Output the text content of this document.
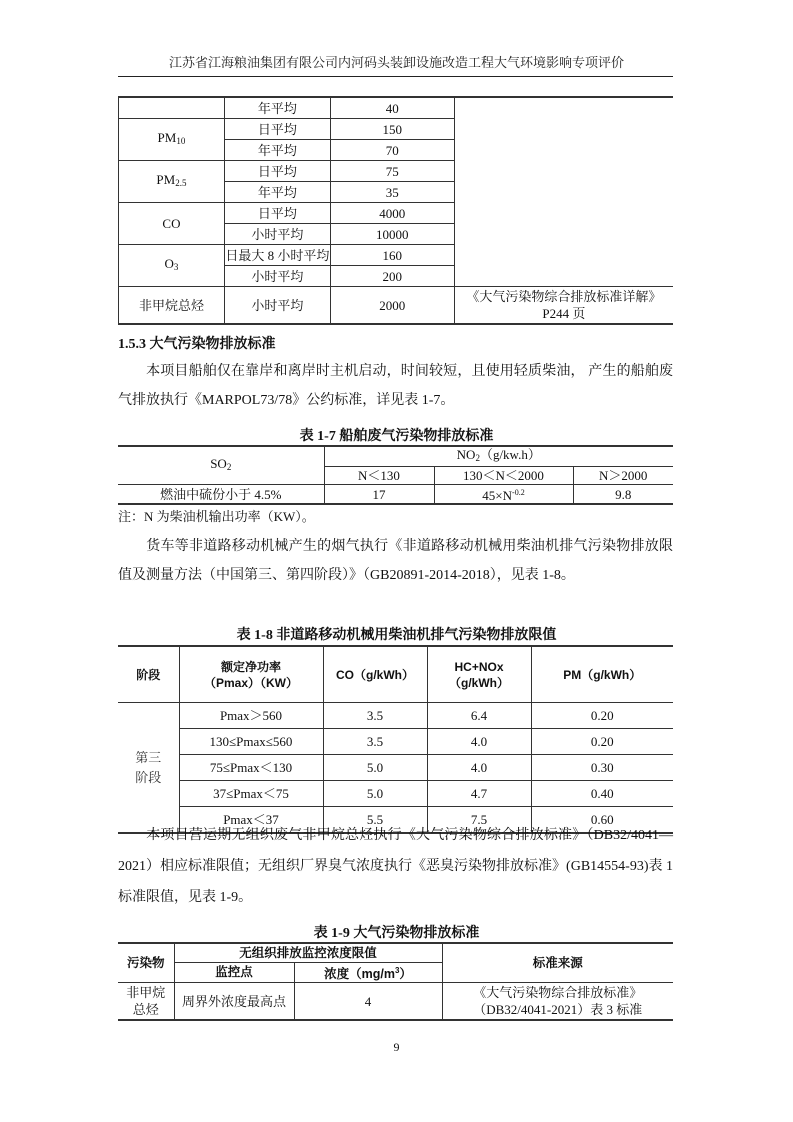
江苏省江海粮油集团有限公司内河码头装卸设施改造工程大气环境影响专项评价
	年平均	40	
$PM_{10}$	日平均	150	
	年平均	70	
$PM_{2.5}$	日平均	75	
	年平均	35	
CO	日平均	4000	
	小时平均	10000	
$O_3$	日最大 8 小时平均	160	
	小时平均	200	
非甲烷总烃	小时平均	2000	《大气污染物综合排放标准详解》P244 页
1.5.3 大气污染物排放标准
本项目船舶仅在靠岸和离岸时主机启动，时间较短，且使用轻质柴油， 产生的船舶废气排放执行《MARPOL73/78》公约标准，详见表 1-7。
表 1-7 船舶废气污染物排放标准
$SO_2$	$NO_2(g/kw.h)$		
	N＜130	130＜N＜2000	N＞2000
燃油中硫份小于 4.5%	17	$45\times N^{-0.2}$	9.8
注：N 为柴油机输出功率（KW）。
货车等非道路移动机械产生的烟气执行《非道路移动机械用柴油机排气污染物排放限值及测量方法（中国第三、第四阶段）》（GB20891-2014-2018），见表 1-8。
表 1-8 非道路移动机械用柴油机排气污染物排放限值
阶段	额定净功率（Pmax）（KW）	CO（g/kWh）	HC+NOx（g/kWh）	PM（g/kWh）
第三阶段	Pmax＞560	3.5	6.4	0.20
	130≤Pmax≤560	3.5	4.0	0.20
	75≤Pmax＜130	5.0	4.0	0.30
	37≤Pmax＜75	5.0	4.7	0.40
	Pmax＜37	5.5	7.5	0.60
本项目营运期无组织废气非甲烷总烃执行《大气污染物综合排放标准》（DB32/4041—2021）相应标准限值；无组织厂界臭气浓度执行《恶臭污染物排放标准》(GB14554-93)表 1 标准限值，见表 1-9。
表 1-9 大气污染物排放标准
污染物	无组织排放监控浓度限值		标准来源
	监控点	浓度$(mg/m^3)$	
非甲烷总烃	周界外浓度最高点	4	《大气污染物综合排放标准》（DB32/4041-2021）表 3 标准
9
